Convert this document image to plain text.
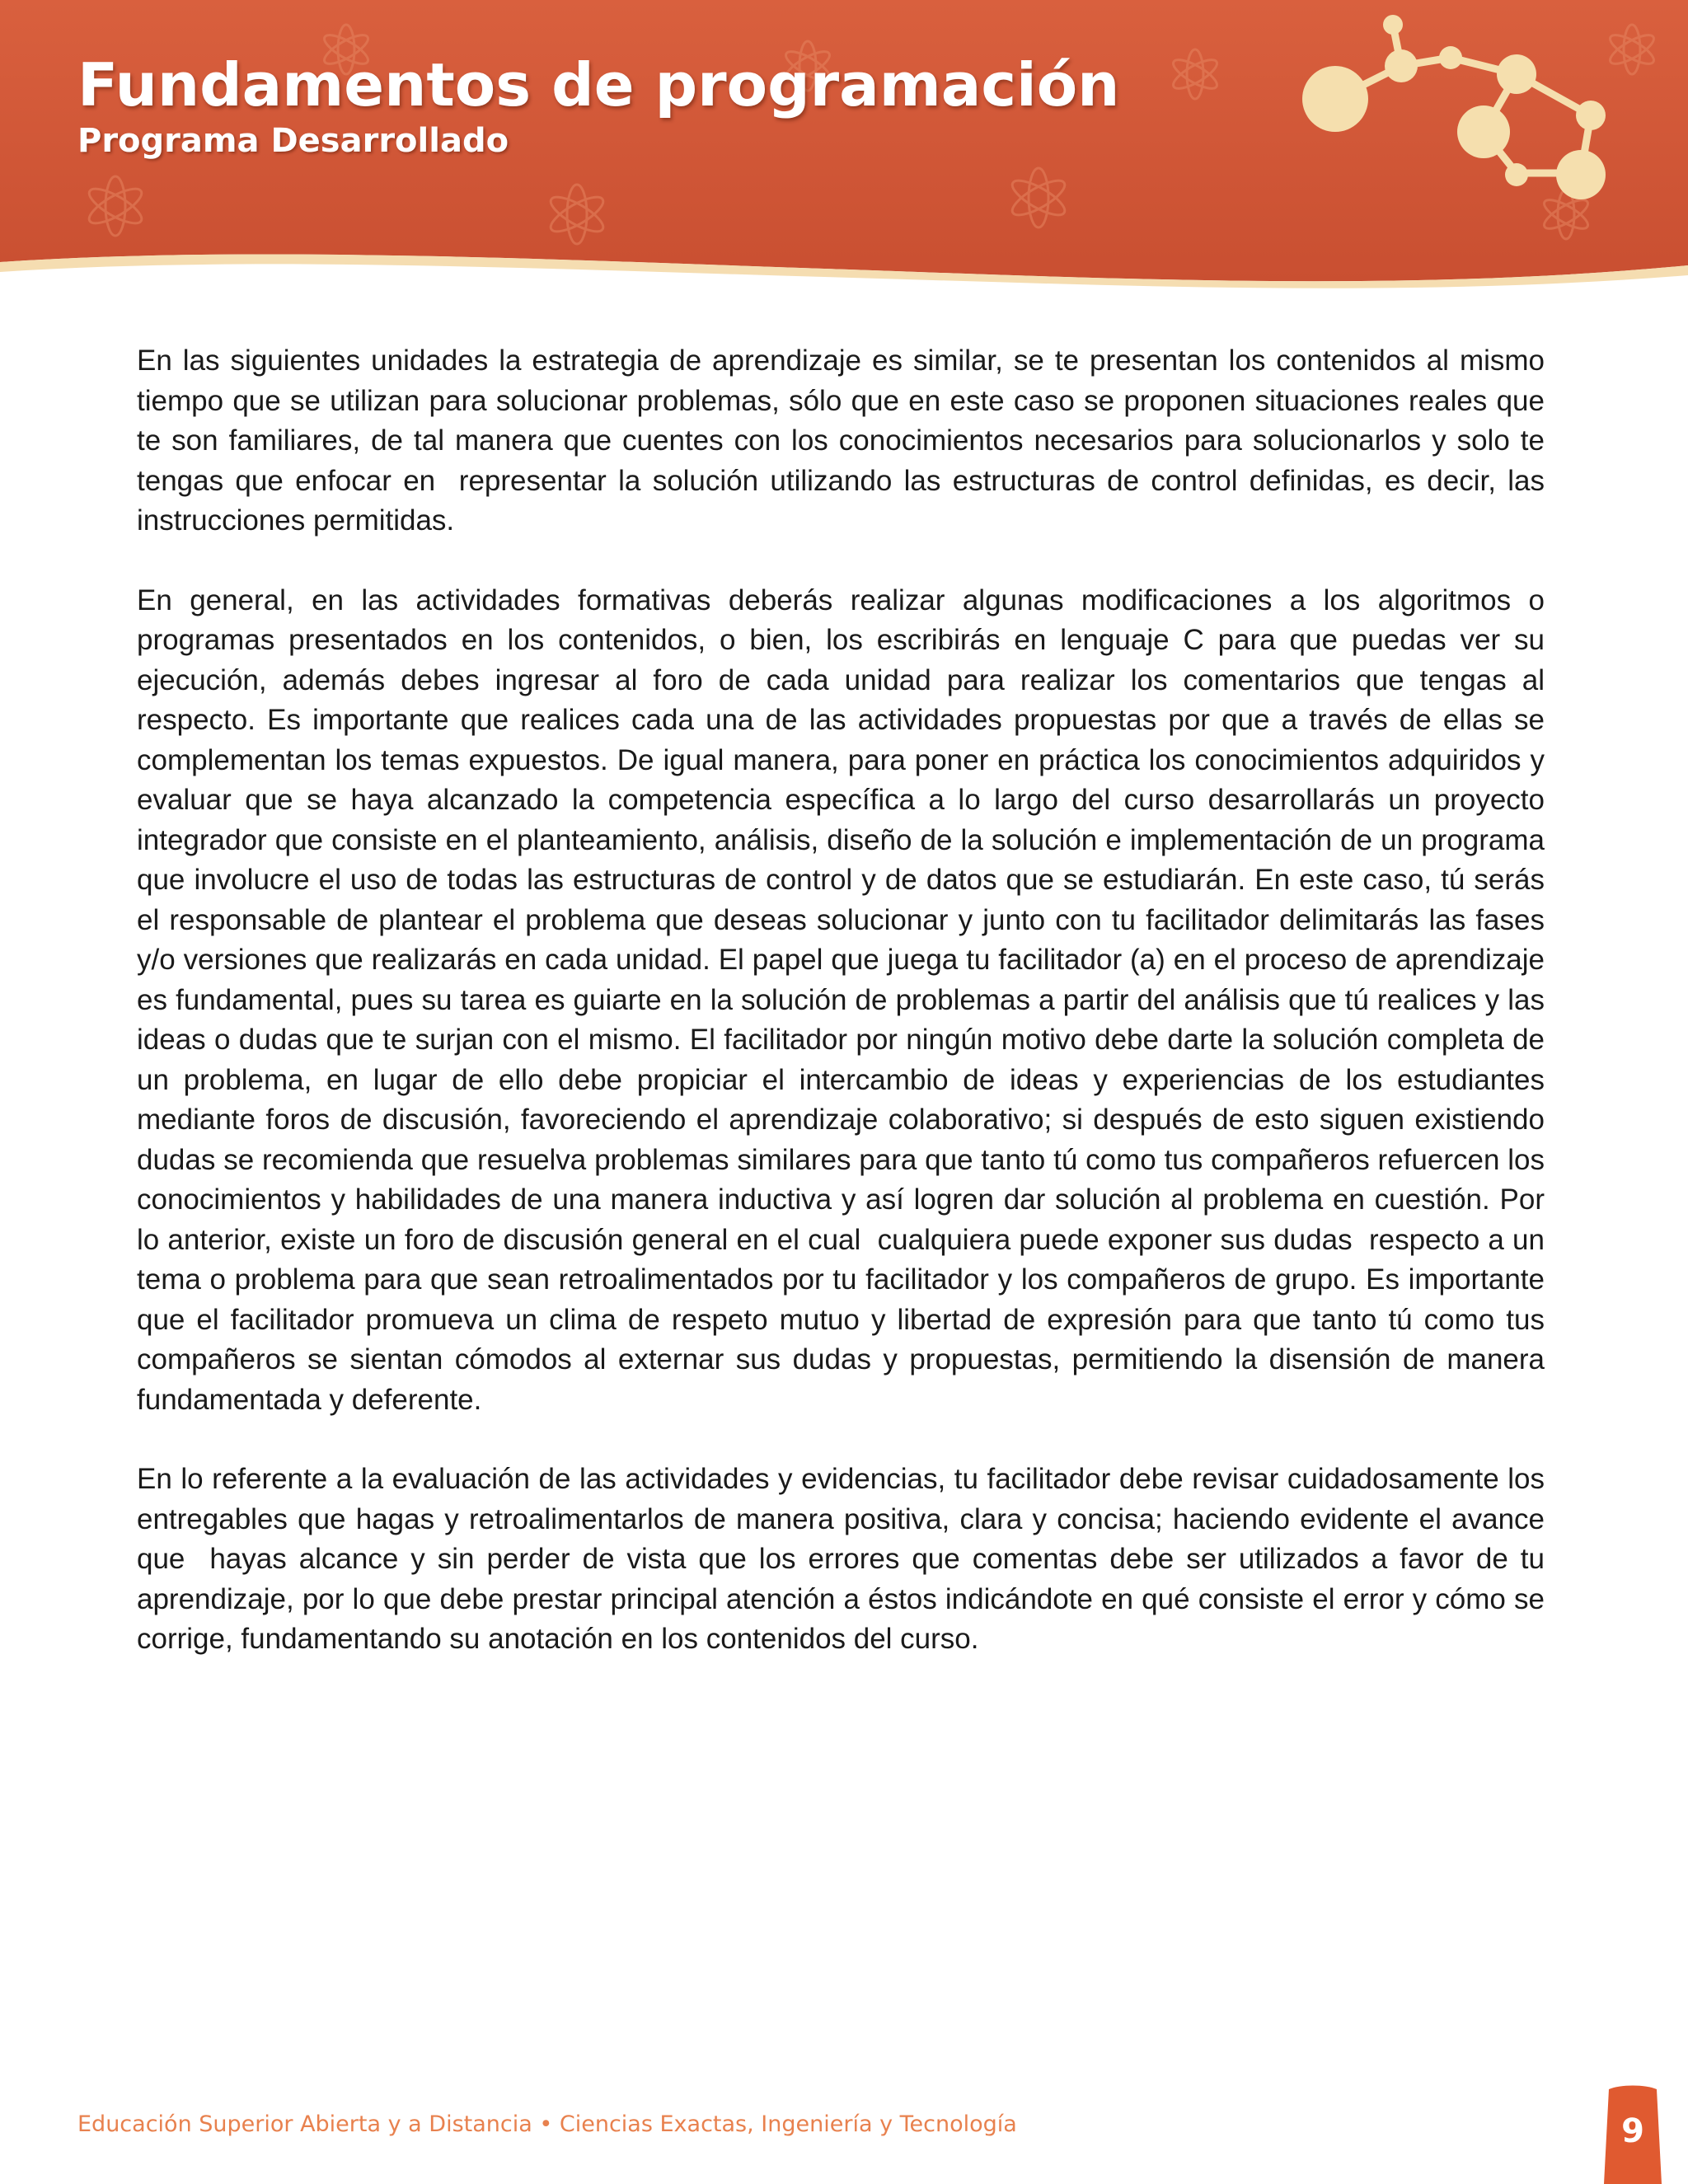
Fundamentos de programación
Programa Desarrollado

En las siguientes unidades la estrategia de aprendizaje es similar, se te presentan los contenidos al mismo tiempo que se utilizan para solucionar problemas, sólo que en este caso se proponen situaciones reales que te son familiares, de tal manera que cuentes con los conocimientos necesarios para solucionarlos y solo te tengas que enfocar en  representar la solución utilizando las estructuras de control definidas, es decir, las instrucciones permitidas.

En general, en las actividades formativas deberás realizar algunas modificaciones a los algoritmos o programas presentados en los contenidos, o bien, los escribirás en lenguaje C para que puedas ver su ejecución, además debes ingresar al foro de cada unidad para realizar los comentarios que tengas al respecto. Es importante que realices cada una de las actividades propuestas por que a través de ellas se complementan los temas expuestos. De igual manera, para poner en práctica los conocimientos adquiridos y evaluar que se haya alcanzado la competencia específica a lo largo del curso desarrollarás un proyecto integrador que consiste en el planteamiento, análisis, diseño de la solución e implementación de un programa que involucre el uso de todas las estructuras de control y de datos que se estudiarán. En este caso, tú serás el responsable de plantear el problema que deseas solucionar y junto con tu facilitador delimitarás las fases y/o versiones que realizarás en cada unidad. El papel que juega tu facilitador (a) en el proceso de aprendizaje es fundamental, pues su tarea es guiarte en la solución de problemas a partir del análisis que tú realices y las ideas o dudas que te surjan con el mismo. El facilitador por ningún motivo debe darte la solución completa de un problema, en lugar de ello debe propiciar el intercambio de ideas y experiencias de los estudiantes mediante foros de discusión, favoreciendo el aprendizaje colaborativo; si después de esto siguen existiendo dudas se recomienda que resuelva problemas similares para que tanto tú como tus compañeros refuercen los conocimientos y habilidades de una manera inductiva y así logren dar solución al problema en cuestión. Por lo anterior, existe un foro de discusión general en el cual  cualquiera puede exponer sus dudas  respecto a un tema o problema para que sean retroalimentados por tu facilitador y los compañeros de grupo. Es importante que el facilitador promueva un clima de respeto mutuo y libertad de expresión para que tanto tú como tus compañeros se sientan cómodos al externar sus dudas y propuestas, permitiendo la disensión de manera fundamentada y deferente.

En lo referente a la evaluación de las actividades y evidencias, tu facilitador debe revisar cuidadosamente los entregables que hagas y retroalimentarlos de manera positiva, clara y concisa; haciendo evidente el avance que  hayas alcance y sin perder de vista que los errores que comentas debe ser utilizados a favor de tu aprendizaje, por lo que debe prestar principal atención a éstos indicándote en qué consiste el error y cómo se corrige, fundamentando su anotación en los contenidos del curso.

Educación Superior Abierta y a Distancia • Ciencias Exactas, Ingeniería y Tecnología	9
